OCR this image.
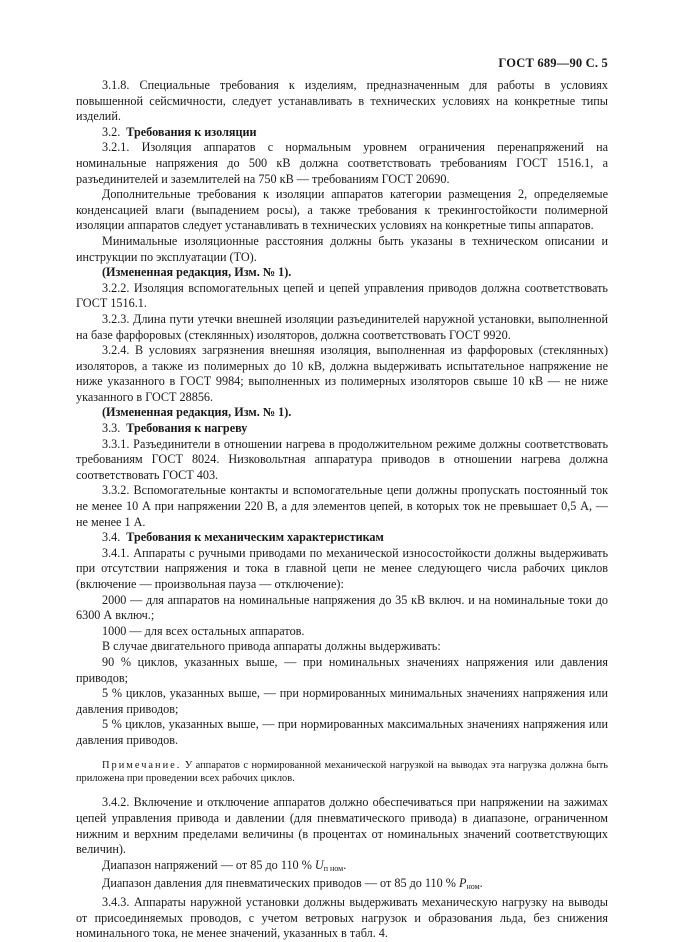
ГОСТ 689—90 С. 5

3.1.8. Специальные требования к изделиям, предназначенным для работы в условиях повышенной сейсмичности, следует устанавливать в технических условиях на конкретные типы изделий.

3.2. Требования к изоляции

3.2.1. Изоляция аппаратов с нормальным уровнем ограничения перенапряжений на номинальные напряжения до 500 кВ должна соответствовать требованиям ГОСТ 1516.1, а разъединителей и заземлителей на 750 кВ — требованиям ГОСТ 20690.

Дополнительные требования к изоляции аппаратов категории размещения 2, определяемые конденсацией влаги (выпадением росы), а также требования к трекингостойкости полимерной изоляции аппаратов следует устанавливать в технических условиях на конкретные типы аппаратов.

Минимальные изоляционные расстояния должны быть указаны в техническом описании и инструкции по эксплуатации (ТО).

(Измененная редакция, Изм. № 1).

3.2.2. Изоляция вспомогательных цепей и цепей управления приводов должна соответствовать ГОСТ 1516.1.

3.2.3. Длина пути утечки внешней изоляции разъединителей наружной установки, выполненной на базе фарфоровых (стеклянных) изоляторов, должна соответствовать ГОСТ 9920.

3.2.4. В условиях загрязнения внешняя изоляция, выполненная из фарфоровых (стеклянных) изоляторов, а также из полимерных до 10 кВ, должна выдерживать испытательное напряжение не ниже указанного в ГОСТ 9984; выполненных из полимерных изоляторов свыше 10 кВ — не ниже указанного в ГОСТ 28856.

(Измененная редакция, Изм. № 1).

3.3. Требования к нагреву

3.3.1. Разъединители в отношении нагрева в продолжительном режиме должны соответствовать требованиям ГОСТ 8024. Низковольтная аппаратура приводов в отношении нагрева должна соответствовать ГОСТ 403.

3.3.2. Вспомогательные контакты и вспомогательные цепи должны пропускать постоянный ток не менее 10 А при напряжении 220 В, а для элементов цепей, в которых ток не превышает 0,5 А, — не менее 1 А.

3.4. Требования к механическим характеристикам

3.4.1. Аппараты с ручными приводами по механической износостойкости должны выдерживать при отсутствии напряжения и тока в главной цепи не менее следующего числа рабочих циклов (включение — произвольная пауза — отключение):

2000 — для аппаратов на номинальные напряжения до 35 кВ включ. и на номинальные токи до 6300 А включ.;

1000 — для всех остальных аппаратов.

В случае двигательного привода аппараты должны выдерживать:

90 % циклов, указанных выше, — при номинальных значениях напряжения или давления приводов;

5 % циклов, указанных выше, — при нормированных минимальных значениях напряжения или давления приводов;

5 % циклов, указанных выше, — при нормированных максимальных значениях напряжения или давления приводов.

Примечание. У аппаратов с нормированной механической нагрузкой на выводах эта нагрузка должна быть приложена при проведении всех рабочих циклов.

3.4.2. Включение и отключение аппаратов должно обеспечиваться при напряжении на зажимах цепей управления привода и давлении (для пневматического привода) в диапазоне, ограниченном нижним и верхним пределами величины (в процентах от номинальных значений соответствующих величин).

Диапазон напряжений — от 85 до 110 % $U_{п ном}$.

Диапазон давления для пневматических приводов — от 85 до 110 % $P_{ном}$.

3.4.3. Аппараты наружной установки должны выдерживать механическую нагрузку на выводы от присоединяемых проводов, с учетом ветровых нагрузок и образования льда, без снижения номинального тока, не менее значений, указанных в табл. 4.
